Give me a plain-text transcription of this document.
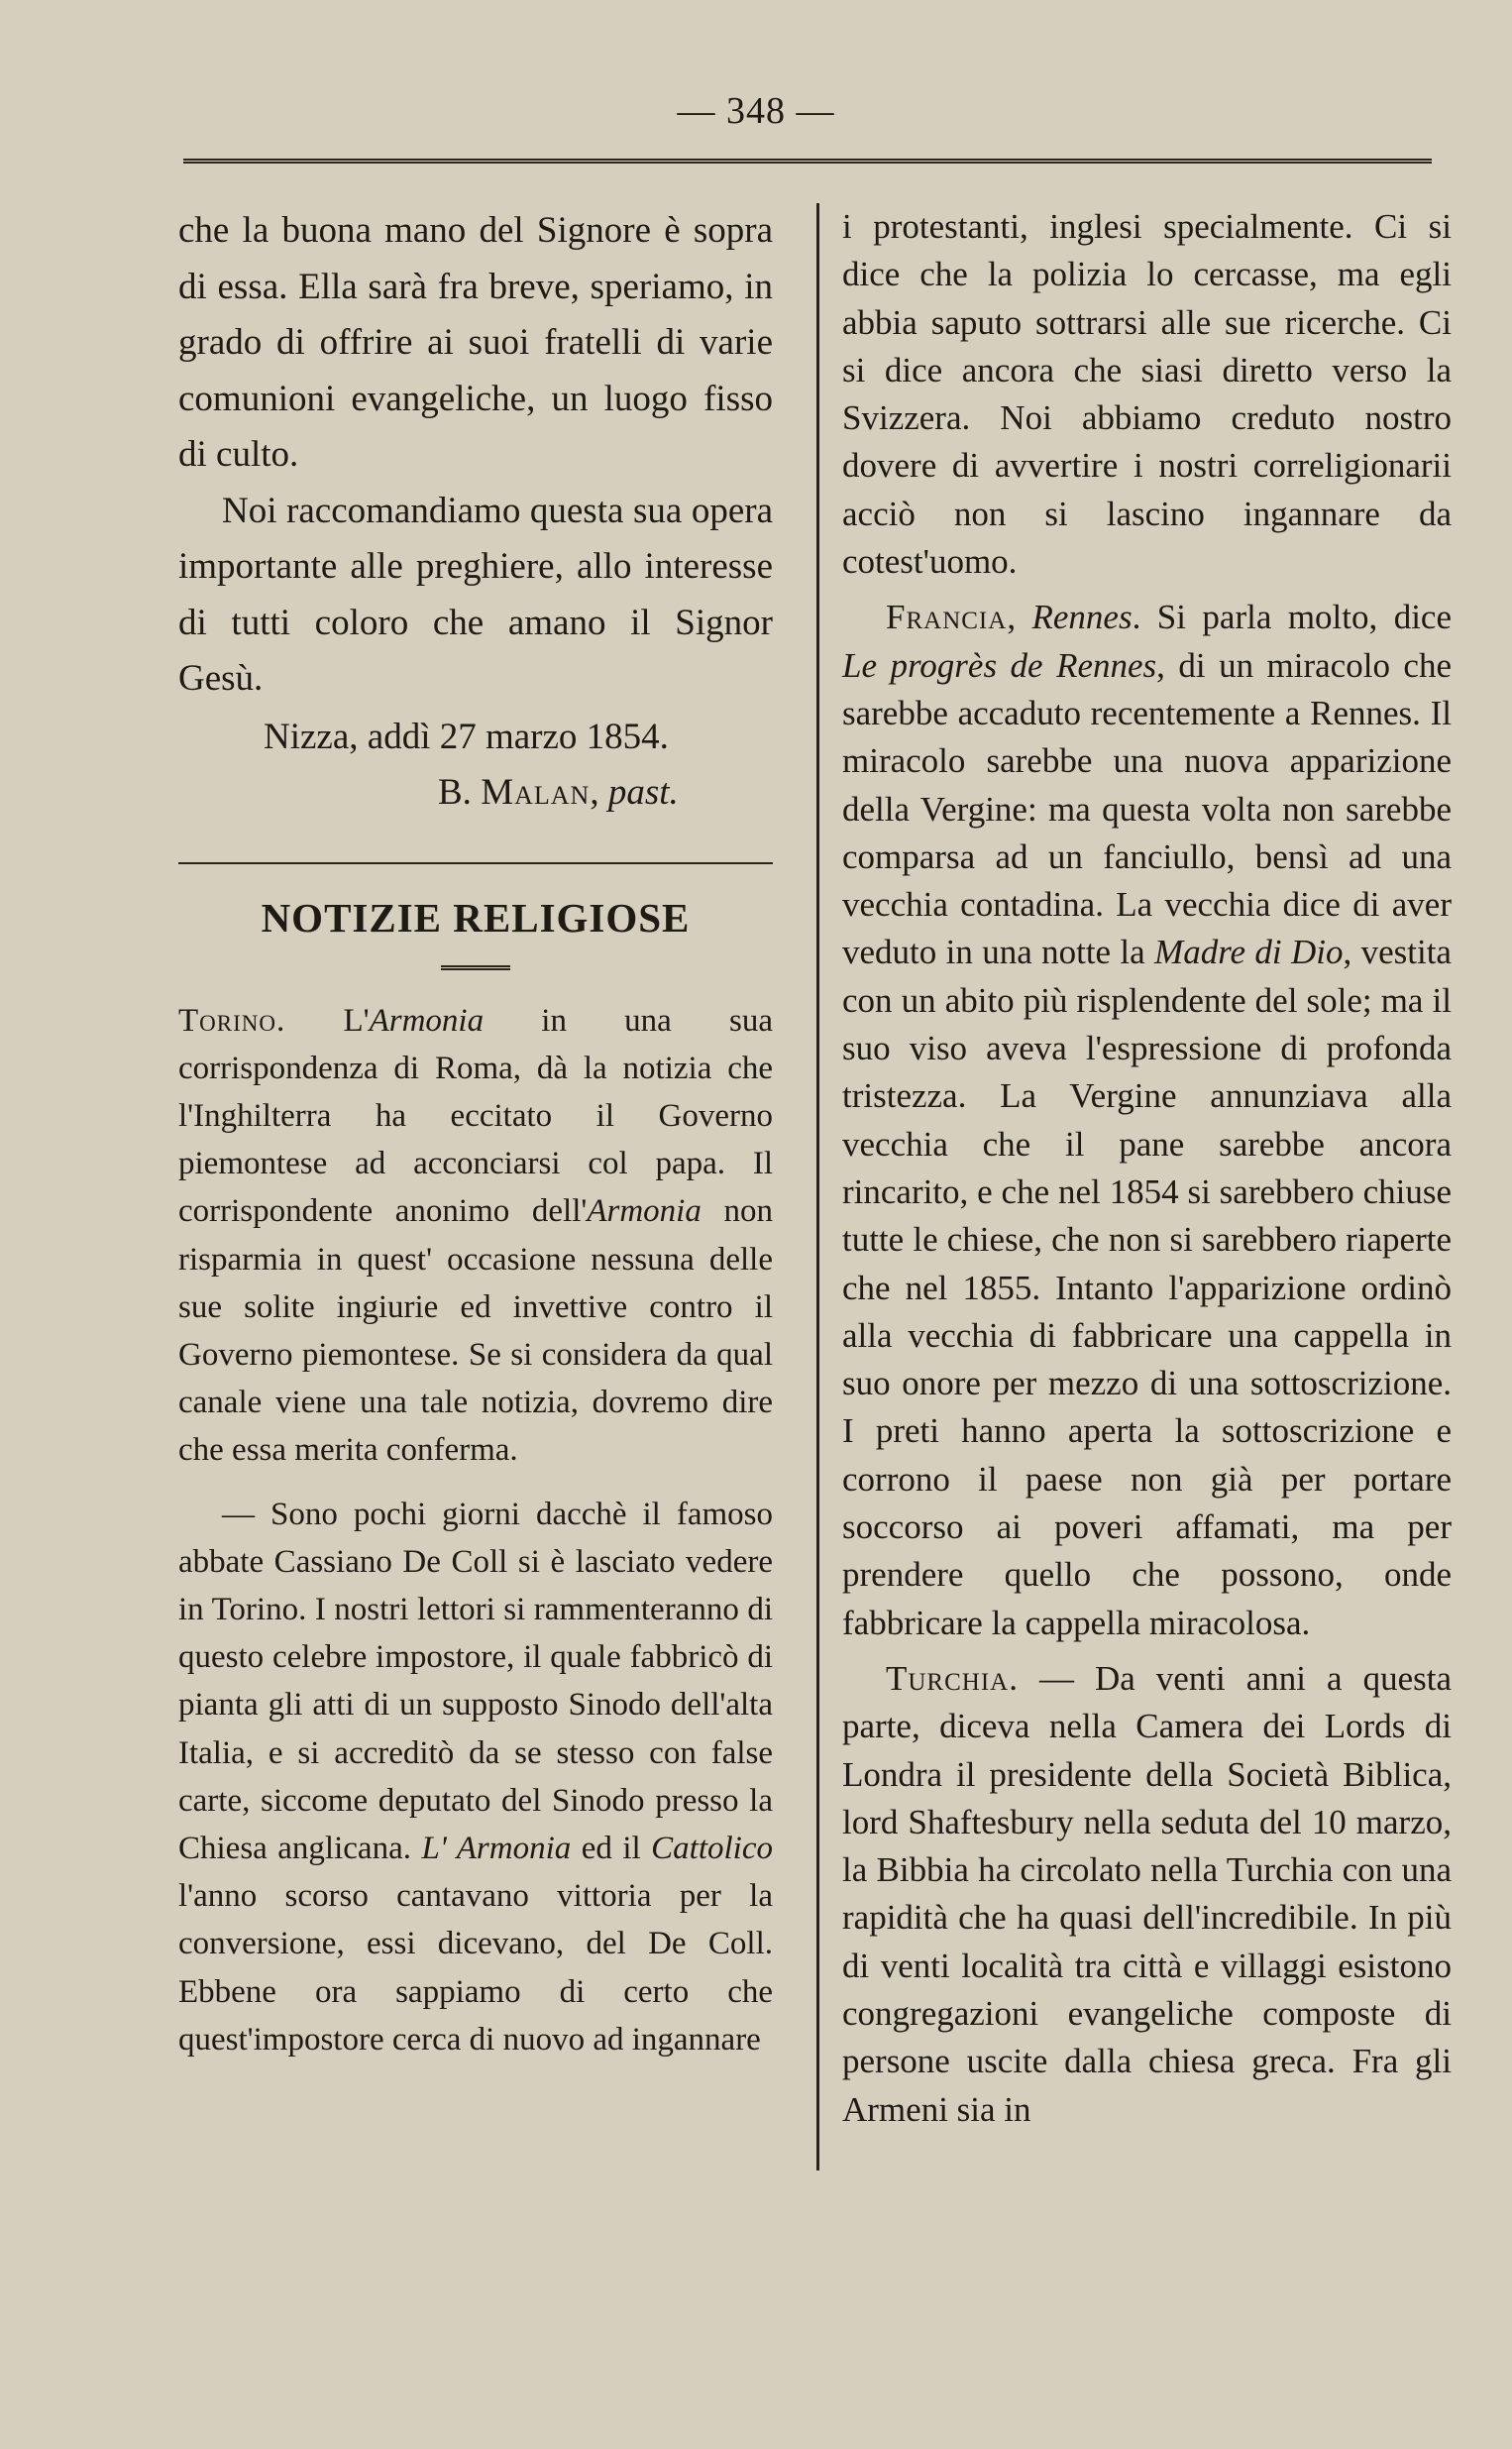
— 348 —

che la buona mano del Signore è sopra di essa. Ella sarà fra breve, speriamo, in grado di offrire ai suoi fratelli di varie comunioni evangeliche, un luogo fisso di culto.

Noi raccomandiamo questa sua opera importante alle preghiere, allo interesse di tutti coloro che amano il Signor Gesù.

Nizza, addì 27 marzo 1854.

B. Malan, past.

NOTIZIE RELIGIOSE

Torino. L'Armonia in una sua corrispondenza di Roma, dà la notizia che l'Inghilterra ha eccitato il Governo piemontese ad acconciarsi col papa. Il corrispondente anonimo dell'Armonia non risparmia in quest' occasione nessuna delle sue solite ingiurie ed invettive contro il Governo piemontese. Se si considera da qual canale viene una tale notizia, dovremo dire che essa merita conferma.

— Sono pochi giorni dacchè il famoso abbate Cassiano De Coll si è lasciato vedere in Torino. I nostri lettori si rammenteranno di questo celebre impostore, il quale fabbricò di pianta gli atti di un supposto Sinodo dell'alta Italia, e si accreditò da se stesso con false carte, siccome deputato del Sinodo presso la Chiesa anglicana. L' Armonia ed il Cattolico l'anno scorso cantavano vittoria per la conversione, essi dicevano, del De Coll. Ebbene ora sappiamo di certo che quest'impostore cerca di nuovo ad ingannare

i protestanti, inglesi specialmente. Ci si dice che la polizia lo cercasse, ma egli abbia saputo sottrarsi alle sue ricerche. Ci si dice ancora che siasi diretto verso la Svizzera. Noi abbiamo creduto nostro dovere di avvertire i nostri correligionarii acciò non si lascino ingannare da cotest'uomo.

Francia, Rennes. Si parla molto, dice Le progrès de Rennes, di un miracolo che sarebbe accaduto recentemente a Rennes. Il miracolo sarebbe una nuova apparizione della Vergine: ma questa volta non sarebbe comparsa ad un fanciullo, bensì ad una vecchia contadina. La vecchia dice di aver veduto in una notte la Madre di Dio, vestita con un abito più risplendente del sole; ma il suo viso aveva l'espressione di profonda tristezza. La Vergine annunziava alla vecchia che il pane sarebbe ancora rincarito, e che nel 1854 si sarebbero chiuse tutte le chiese, che non si sarebbero riaperte che nel 1855. Intanto l'apparizione ordinò alla vecchia di fabbricare una cappella in suo onore per mezzo di una sottoscrizione. I preti hanno aperta la sottoscrizione e corrono il paese non già per portare soccorso ai poveri affamati, ma per prendere quello che possono, onde fabbricare la cappella miracolosa.

Turchia. — Da venti anni a questa parte, diceva nella Camera dei Lords di Londra il presidente della Società Biblica, lord Shaftesbury nella seduta del 10 marzo, la Bibbia ha circolato nella Turchia con una rapidità che ha quasi dell'incredibile. In più di venti località tra città e villaggi esistono congregazioni evangeliche composte di persone uscite dalla chiesa greca. Fra gli Armeni sia in
